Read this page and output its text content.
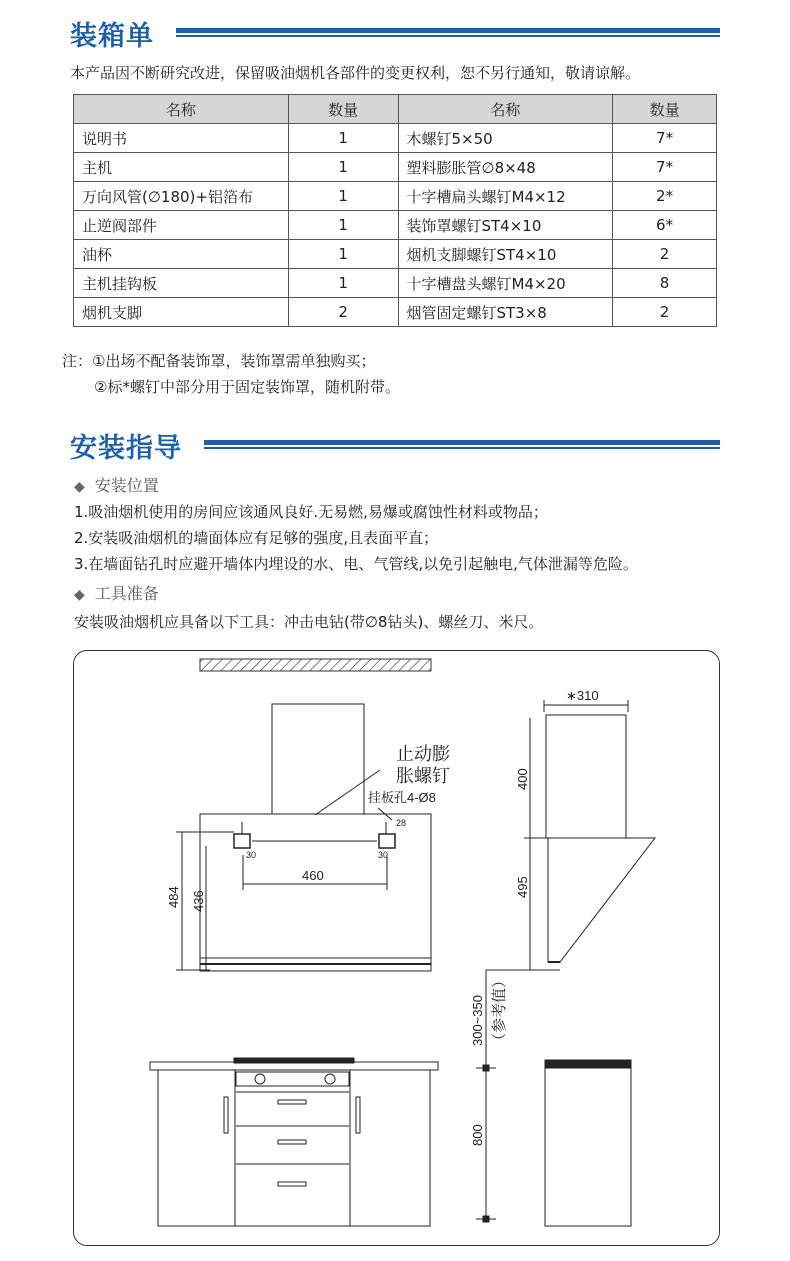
装箱单
本产品因不断研究改进，保留吸油烟机各部件的变更权利，恕不另行通知，敬请谅解。
名称	数量	名称	数量
说明书	1	木螺钉5×50	7*
主机	1	塑料膨胀管∅8×48	7*
万向风管(∅180)+铝箔布	1	十字槽扁头螺钉M4×12	2*
止逆阀部件	1	装饰罩螺钉ST4×10	6*
油杯	1	烟机支脚螺钉ST4×10	2
主机挂钩板	1	十字槽盘头螺钉M4×20	8
烟机支脚	2	烟管固定螺钉ST3×8	2
注：①出场不配备装饰罩，装饰罩需单独购买；
②标*螺钉中部分用于固定装饰罩，随机附带。
安装指导
◆ 安装位置
1.吸油烟机使用的房间应该通风良好.无易燃,易爆或腐蚀性材料或物品；
2.安装吸油烟机的墙面体应有足够的强度,且表面平直；
3.在墙面钻孔时应避开墙体内埋设的水、电、气管线,以免引起触电,气体泄漏等危险。
◆ 工具准备
安装吸油烟机应具备以下工具：冲击电钻(带∅8钻头)、螺丝刀、米尺。
止动膨
胀螺钉
挂板孔4-Ø8
30	30
28
460
484 436
∗310
400
495
300~350 （参考值）
800
